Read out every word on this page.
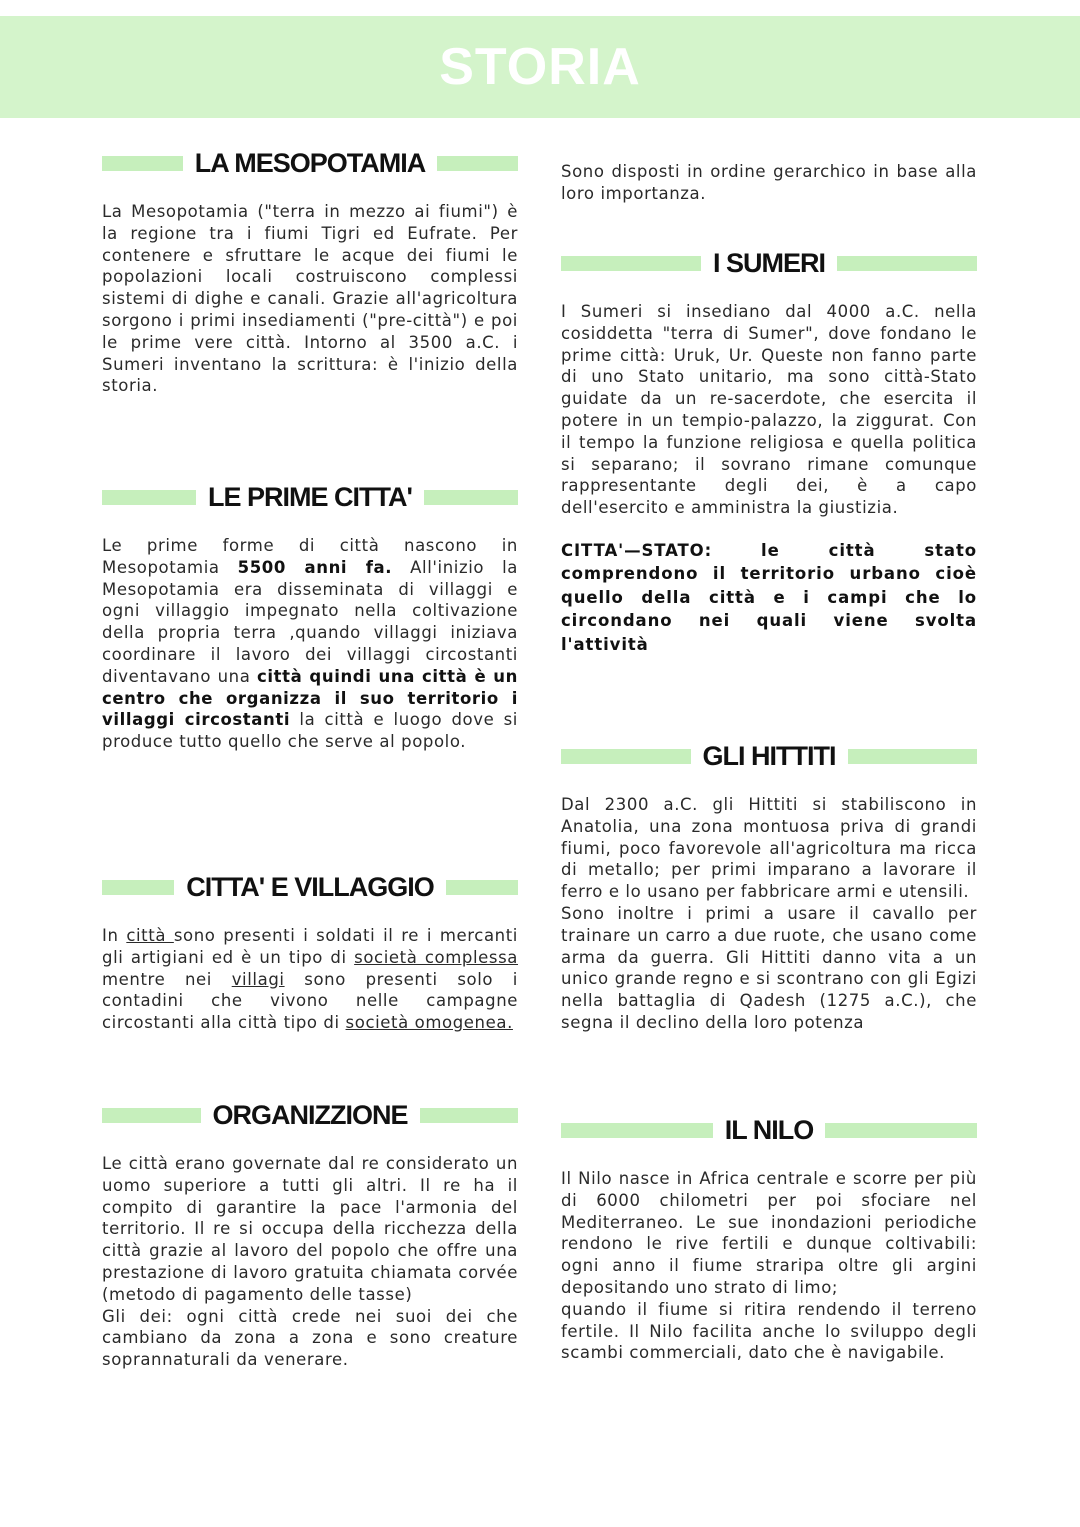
STORIA
LA MESOPOTAMIA

La Mesopotamia ("terra in mezzo ai fiumi") è la regione tra i fiumi Tigri ed Eufrate. Per contenere e sfruttare le acque dei fiumi le popolazioni locali costruiscono complessi sistemi di dighe e canali. Grazie all'agricoltura sorgono i primi insediamenti ("pre-città") e poi le prime vere città. Intorno al 3500 a.C. i Sumeri inventano la scrittura: è l'inizio della storia.

LE PRIME CITTA'

Le prime forme di città nascono in Mesopotamia 5500 anni fa. All'inizio la Mesopotamia era disseminata di villaggi e ogni villaggio impegnato nella coltivazione della propria terra ,quando villaggi iniziava coordinare il lavoro dei villaggi circostanti diventavano una città quindi una città è un centro che organizza il suo territorio i villaggi circostanti la città e luogo dove si produce tutto quello che serve al popolo.

CITTA' E VILLAGGIO

In città sono presenti i soldati il re i mercanti gli artigiani ed è un tipo di società complessa mentre nei villagi sono presenti solo i contadini che vivono nelle campagne circostanti alla città tipo di società omogenea.

ORGANIZZIONE

Le città erano governate dal re considerato un uomo superiore a tutti gli altri. Il re ha il compito di garantire la pace l'armonia del territorio. Il re si occupa della ricchezza della città grazie al lavoro del popolo che offre una prestazione di lavoro gratuita chiamata corvée (metodo di pagamento delle tasse)
Gli dei: ogni città crede nei suoi dei che cambiano da zona a zona e sono creature soprannaturali da venerare.

Sono disposti in ordine gerarchico in base alla loro importanza.

I SUMERI

I Sumeri si insediano dal 4000 a.C. nella cosiddetta "terra di Sumer", dove fondano le prime città: Uruk, Ur. Queste non fanno parte di uno Stato unitario, ma sono città-Stato guidate da un re-sacerdote, che esercita il potere in un tempio-palazzo, la ziggurat. Con il tempo la funzione religiosa e quella politica si separano; il sovrano rimane comunque rappresentante degli dei, è a capo dell'esercito e amministra la giustizia.

CITTA'—STATO: le città stato comprendono il territorio urbano cioè quello della città e i campi che lo circondano nei quali viene svolta l'attività

GLI HITTITI

Dal 2300 a.C. gli Hittiti si stabiliscono in Anatolia, una zona montuosa priva di grandi fiumi, poco favorevole all'agricoltura ma ricca di metallo; per primi imparano a lavorare il ferro e lo usano per fabbricare armi e utensili.
Sono inoltre i primi a usare il cavallo per trainare un carro a due ruote, che usano come arma da guerra. Gli Hittiti danno vita a un unico grande regno e si scontrano con gli Egizi nella battaglia di Qadesh (1275 a.C.), che segna il declino della loro potenza

IL NILO

Il Nilo nasce in Africa centrale e scorre per più di 6000 chilometri per poi sfociare nel Mediterraneo. Le sue inondazioni periodiche rendono le rive fertili e dunque coltivabili: ogni anno il fiume straripa oltre gli argini depositando uno strato di limo;
quando il fiume si ritira rendendo il terreno fertile. Il Nilo facilita anche lo sviluppo degli scambi commerciali, dato che è navigabile.
